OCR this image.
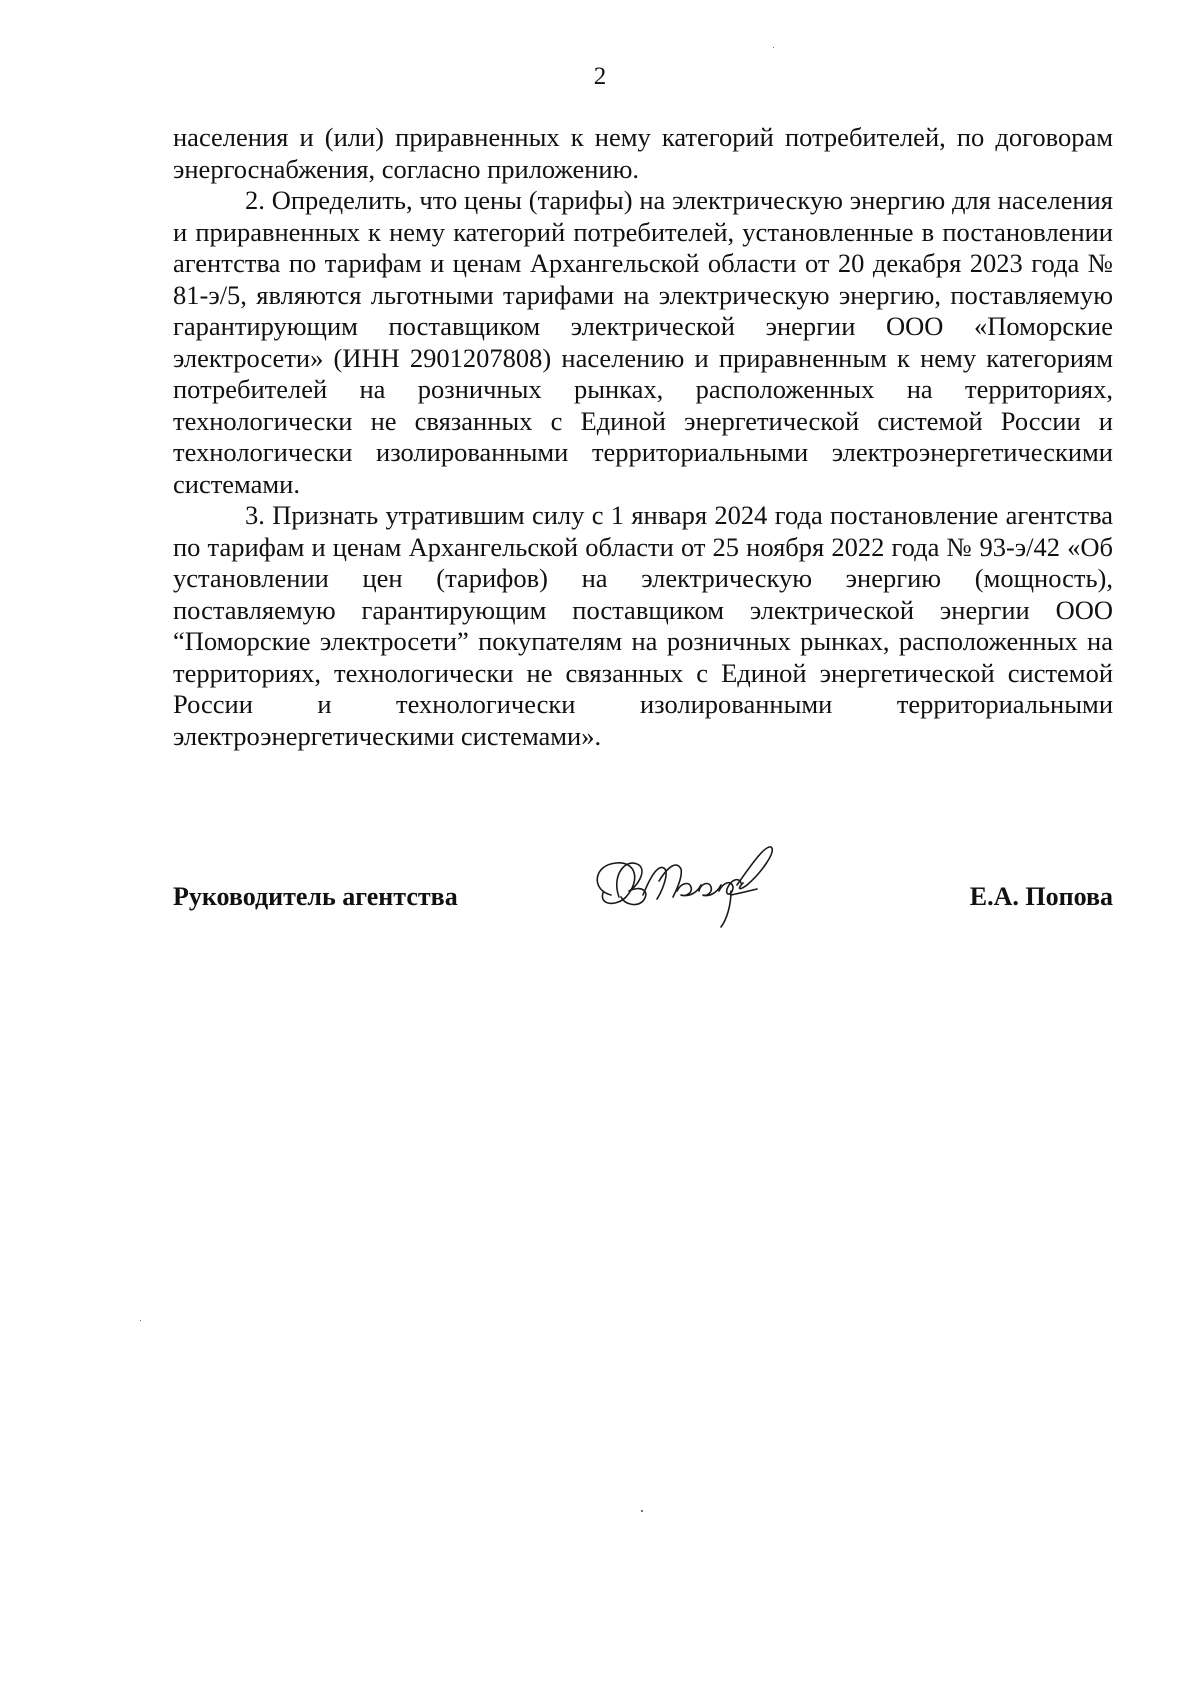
2

населения и (или) приравненных к нему категорий потребителей, по договорам энергоснабжения, согласно приложению.

2. Определить, что цены (тарифы) на электрическую энергию для населения и приравненных к нему категорий потребителей, установленные в постановлении агентства по тарифам и ценам Архангельской области от 20 декабря 2023 года № 81-э/5, являются льготными тарифами на электрическую энергию, поставляемую гарантирующим поставщиком электрической энергии ООО «Поморские электросети» (ИНН 2901207808) населению и приравненным к нему категориям потребителей на розничных рынках, расположенных на территориях, технологически не связанных с Единой энергетической системой России и технологически изолированными территориальными электроэнергетическими системами.

3. Признать утратившим силу с 1 января 2024 года постановление агентства по тарифам и ценам Архангельской области от 25 ноября 2022 года № 93-э/42 «Об установлении цен (тарифов) на электрическую энергию (мощность), поставляемую гарантирующим поставщиком электрической энергии ООО “Поморские электросети” покупателям на розничных рынках, расположенных на территориях, технологически не связанных с Единой энергетической системой России и технологически изолированными территориальными электроэнергетическими системами».

Руководитель агентства	Е.А. Попова
